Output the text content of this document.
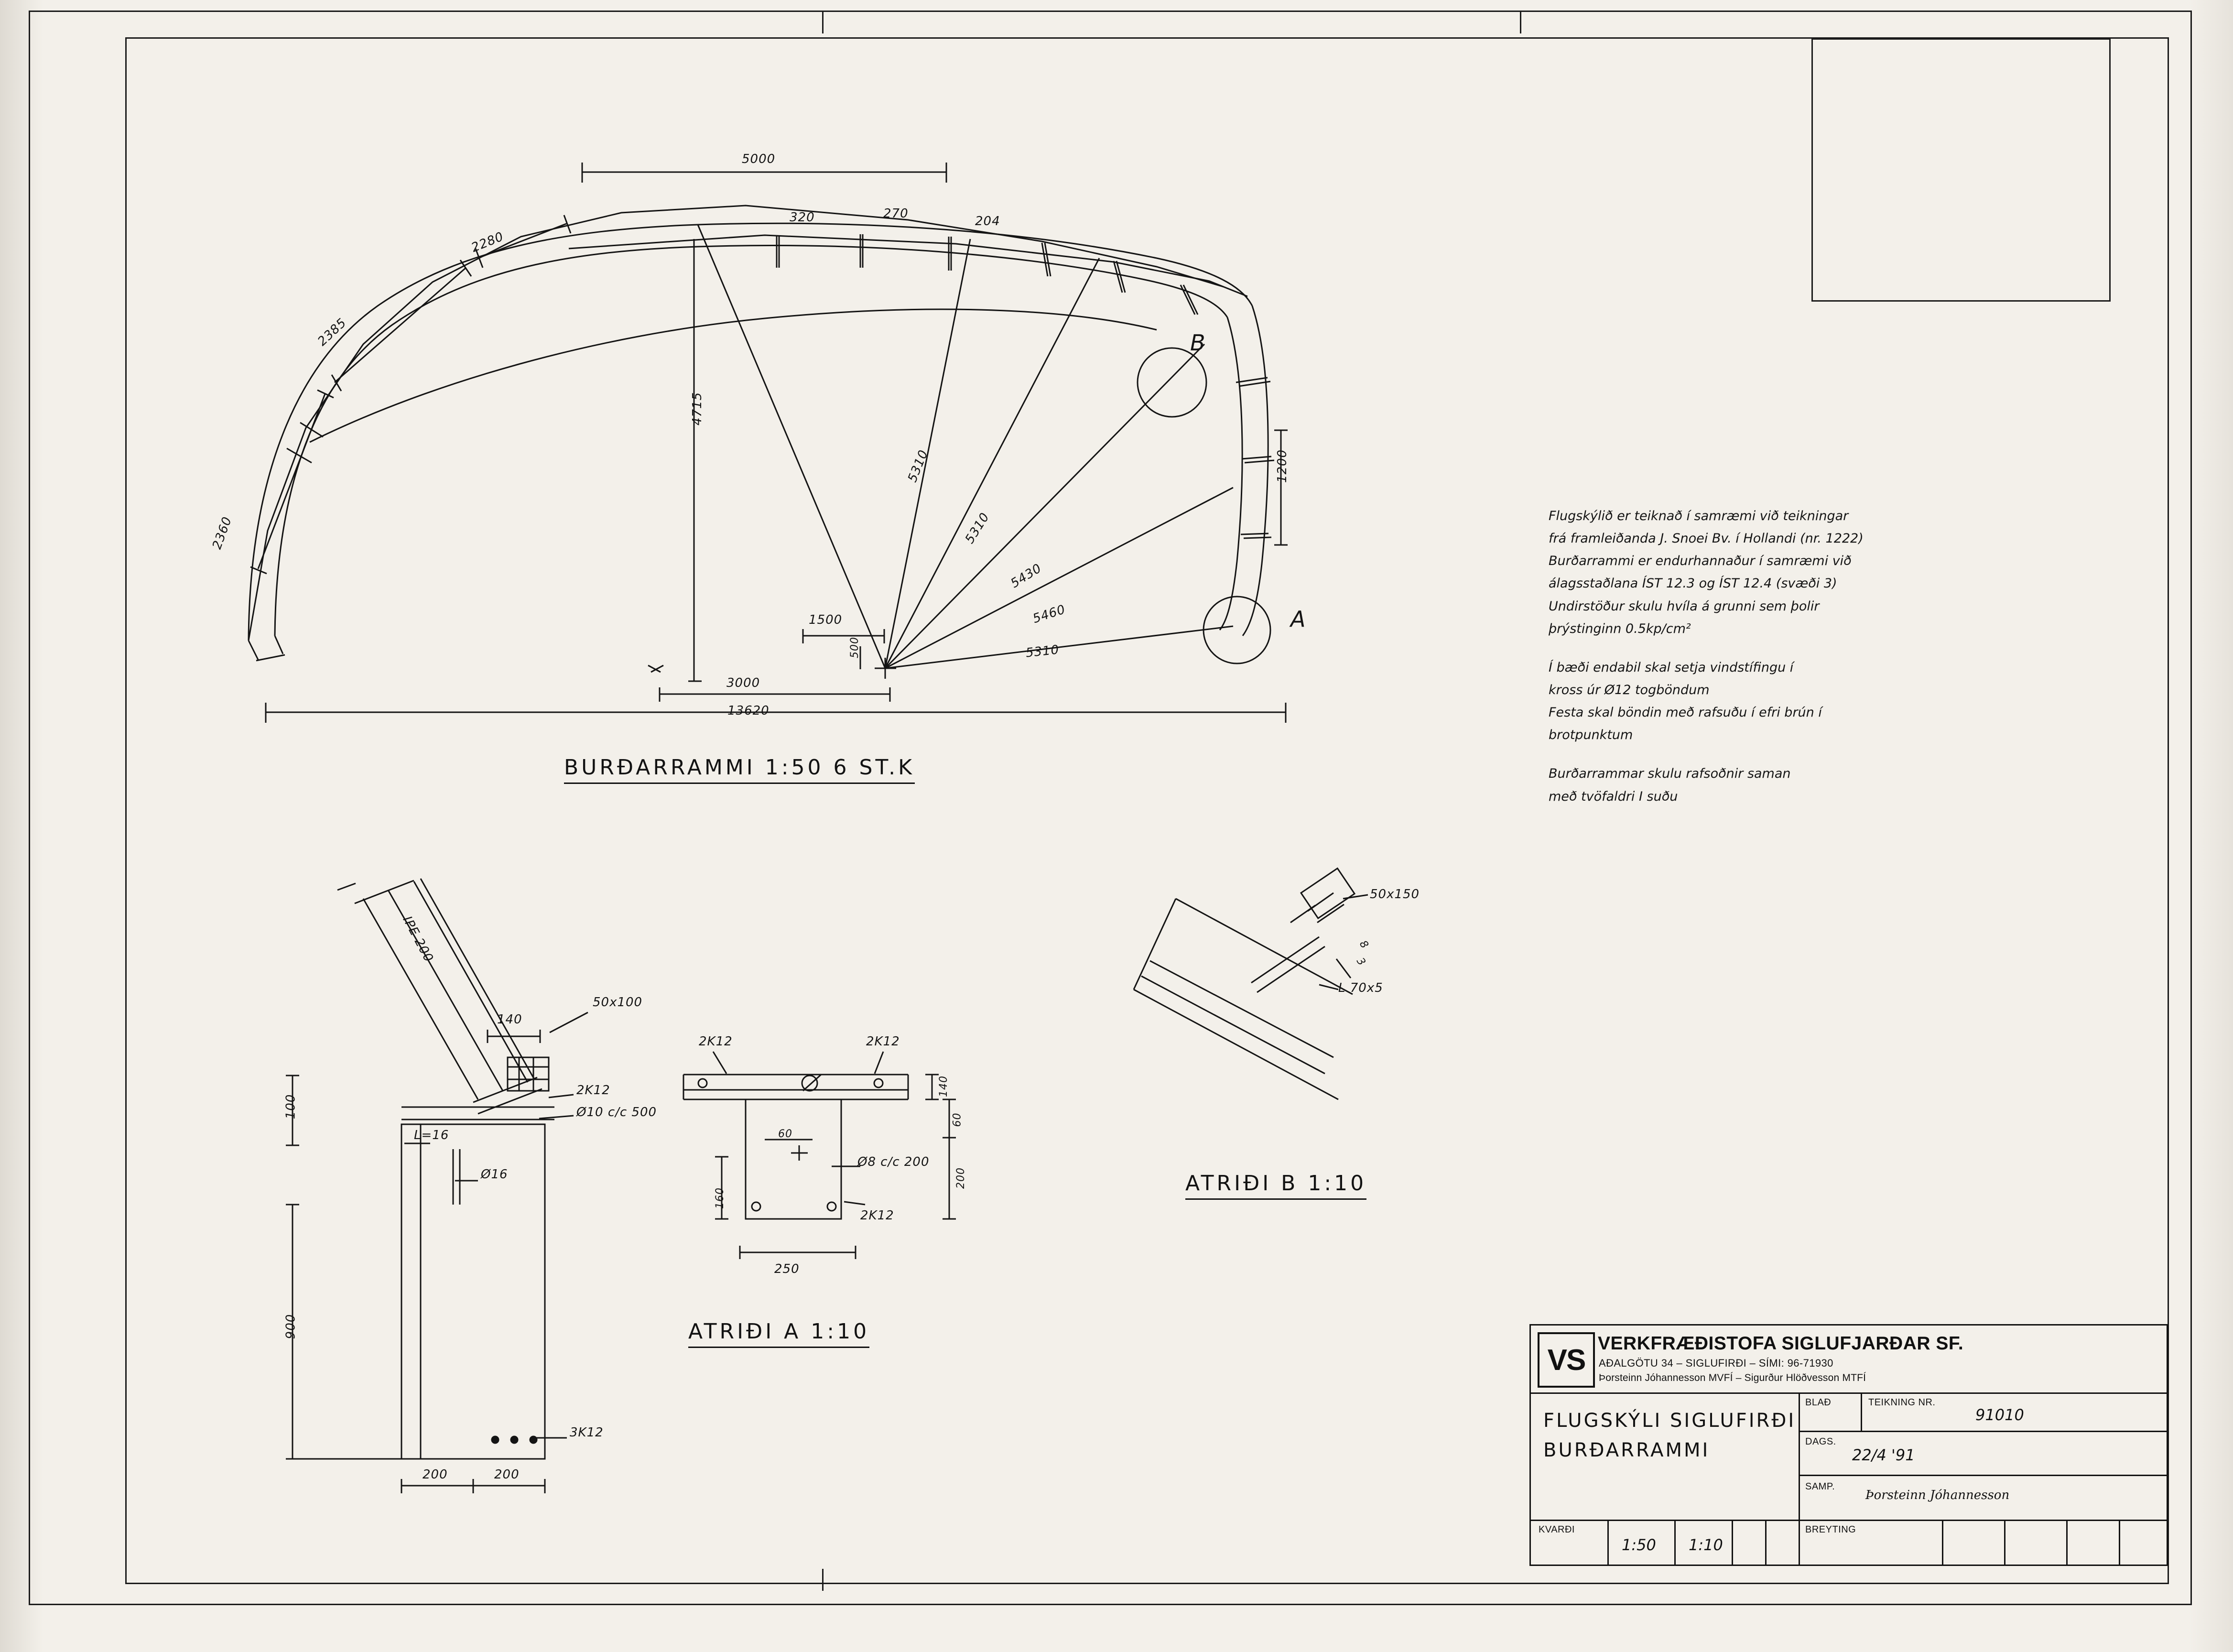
5000
2280
2385
2360
320	270
204
4715
5310
5310
5430
5460
5310
1200
1500
500
3000
13620
A
B
BURÐARRAMMI 1:50 6 ST.K

Flugskýlið er teiknað í samræmi við teikningar

frá framleiðanda J. Snoei Bv. í Hollandi (nr. 1222)

Burðarrammi er endurhannaður í samræmi við

álagsstaðlana ÍST 12.3 og ÍST 12.4 (svæði 3)

Undirstöður skulu hvíla á grunni sem þolir

þrýstinginn 0.5kp/cm²

Í bæði endabil skal setja vindstífingu í

kross úr Ø12 togböndum

Festa skal böndin með rafsuðu í efri brún í

brotpunktum

Burðarrammar skulu rafsoðnir saman

með tvöfaldri I suðu

IPE 200
140
50x100
2K12
Ø10 c/c 500
L=16
Ø16
100
900
200	200
3K12
2K12	2K12
2K12
60
140
60
200
160
250
Ø8 c/c 200
ATRIÐI A 1:10
50x150
L 70x5
8
3
ATRIÐI B 1:10
VS VERKFRÆÐISTOFA SIGLUFJARÐAR SF.
AÐALGÖTU 34 – SIGLUFIRÐI – SÍMI: 96-71930
Þorsteinn Jóhannesson MVFÍ – Sigurður Hlöðvesson MTFÍ
FLUGSKÝLI SIGLUFIRÐI
BURÐARRAMMI
BLAÐ	TEIKNING NR.
91010
DAGS.
22/4 '91
SAMP.
Þorsteinn Jóhannesson
KVARÐI
1:50 1:10
BREYTING
